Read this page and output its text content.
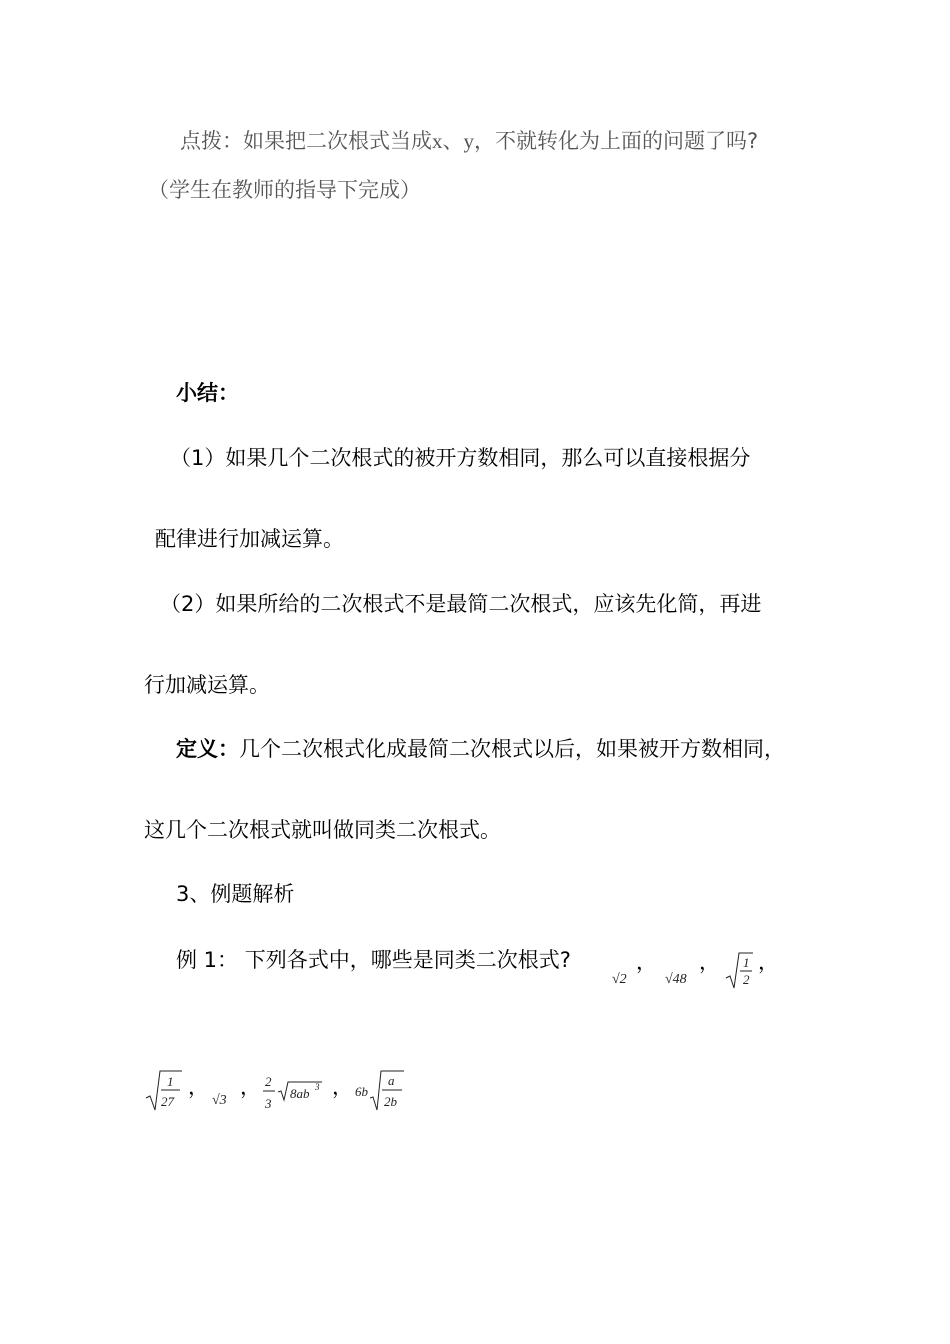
点拨：如果把二次根式当成x、y，不就转化为上面的问题了吗?
（学生在教师的指导下完成）
小结：
（1）如果几个二次根式的被开方数相同，那么可以直接根据分
配律进行加减运算。
（2）如果所给的二次根式不是最简二次根式，应该先化简，再进
行加减运算。
定义：几个二次根式化成最简二次根式以后，如果被开方数相同，
这几个二次根式就叫做同类二次根式。
3、例题解析
例 1： 下列各式中，哪些是同类二次根式?
√2
，
√48
， 1
2
，
1
27
，
√3
， 2
3
8ab 3 ， 6b
a
2b
